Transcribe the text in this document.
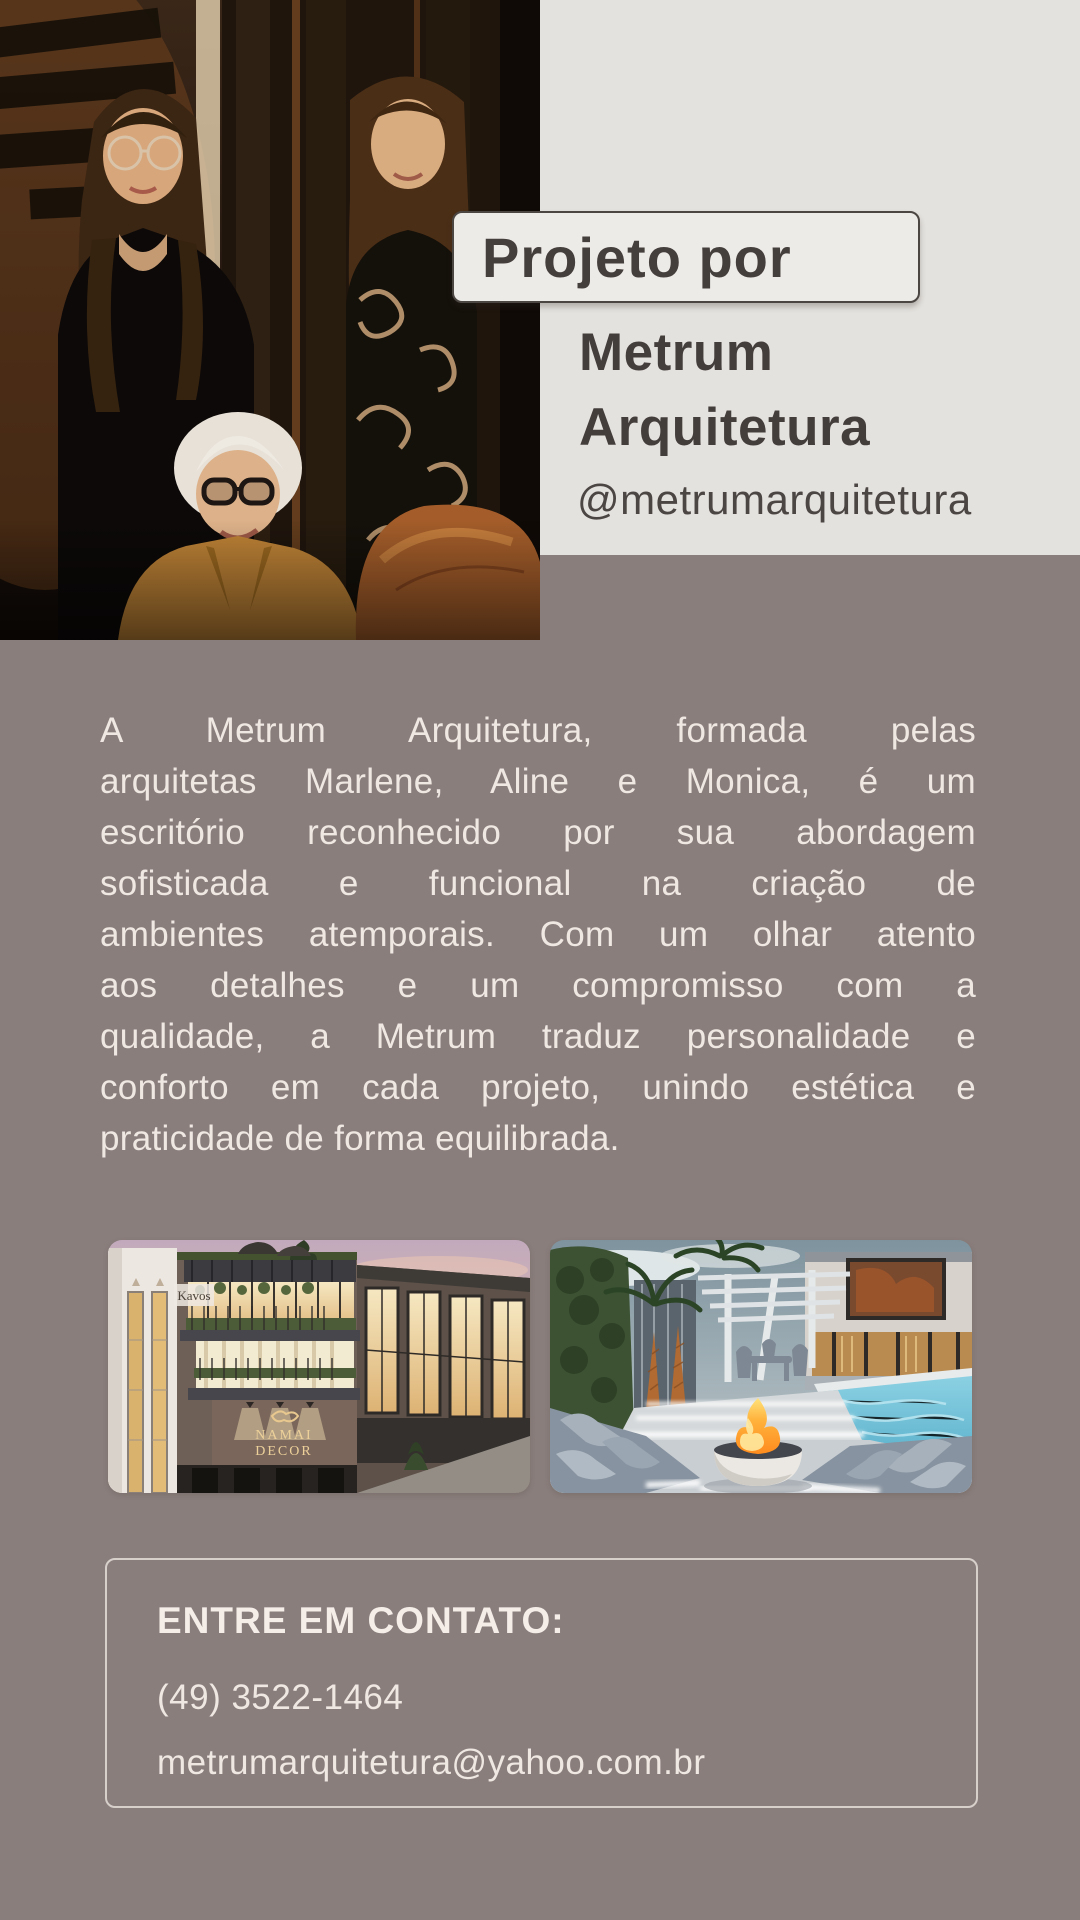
Projeto por
Metrum
Arquitetura
@metrumarquitetura
A Metrum Arquitetura, formada pelas
arquitetas Marlene, Aline e Monica, é um
escritório reconhecido por sua abordagem
sofisticada e funcional na criação de
ambientes atemporais. Com um olhar atento
aos detalhes e um compromisso com a
qualidade, a Metrum traduz personalidade e
conforto em cada projeto, unindo estética e
praticidade de forma equilibrada.
NAMAI
DECOR
Kavos
ENTRE EM CONTATO:
(49) 3522-1464
metrumarquitetura@yahoo.com.br
